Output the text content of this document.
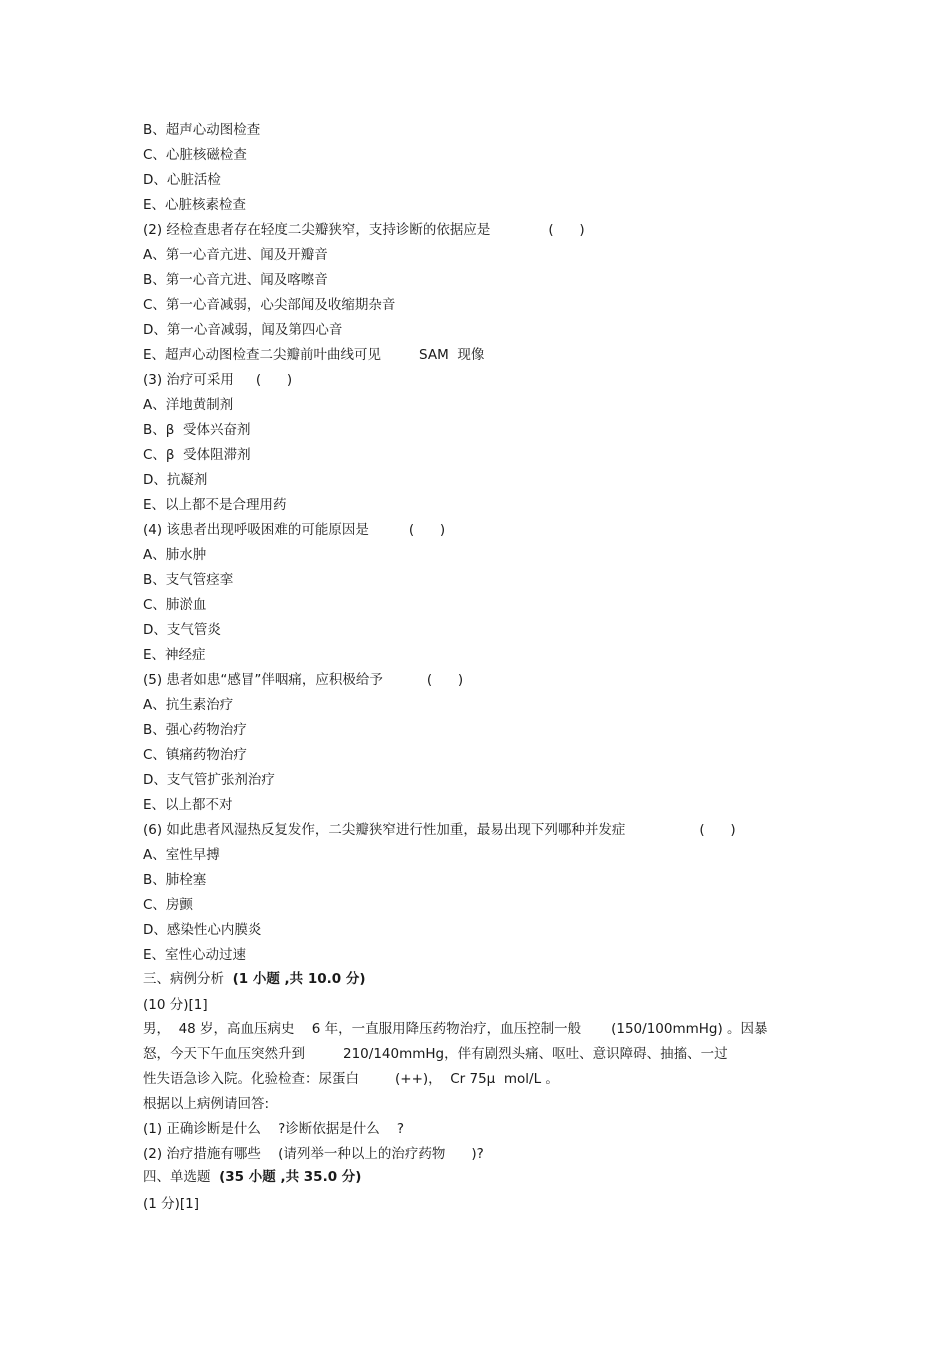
B、超声心动图检查
C、心脏核磁检查
D、心脏活检
E、心脏核素检查
(2) 经检查患者存在轻度二尖瓣狭窄，支持诊断的依据应是	(      )
A、第一心音亢进、闻及开瓣音
B、第一心音亢进、闻及喀嚓音
C、第一心音减弱，心尖部闻及收缩期杂音
D、第一心音减弱，闻及第四心音
E、超声心动图检查二尖瓣前叶曲线可见	SAM  现像
(3) 治疗可采用 (      )
A、洋地黄制剂
B、β  受体兴奋剂
C、β  受体阻滞剂
D、抗凝剂
E、以上都不是合理用药
(4) 该患者出现呼吸困难的可能原因是	(      )
A、肺水肿
B、支气管痉挛
C、肺淤血
D、支气管炎
E、神经症
(5) 患者如患“感冒”伴咽痛，应积极给予	(      )
A、抗生素治疗
B、强心药物治疗
C、镇痛药物治疗
D、支气管扩张剂治疗
E、以上都不对
(6) 如此患者风湿热反复发作，二尖瓣狭窄进行性加重，最易出现下列哪种并发症	(      )
A、室性早搏
B、肺栓塞
C、房颤
D、感染性心内膜炎
E、室性心动过速
三、病例分析  (1 小题 ,共 10.0 分)
(10 分)[1]
男，  48 岁，高血压病史    6 年，一直服用降压药物治疗，血压控制一般 (150/100mmHg) 。因暴
怒，今天下午血压突然升到	210/140mmHg，伴有剧烈头痛、呕吐、意识障碍、抽搐、一过
性失语急诊入院。化验检查：尿蛋白	(++)，  Cr 75μ  mol/L 。
根据以上病例请回答:
(1) 正确诊断是什么    ?诊断依据是什么    ?
(2) 治疗措施有哪些    (请列举一种以上的治疗药物 )?
四、单选题  (35 小题 ,共 35.0 分)
(1 分)[1]
